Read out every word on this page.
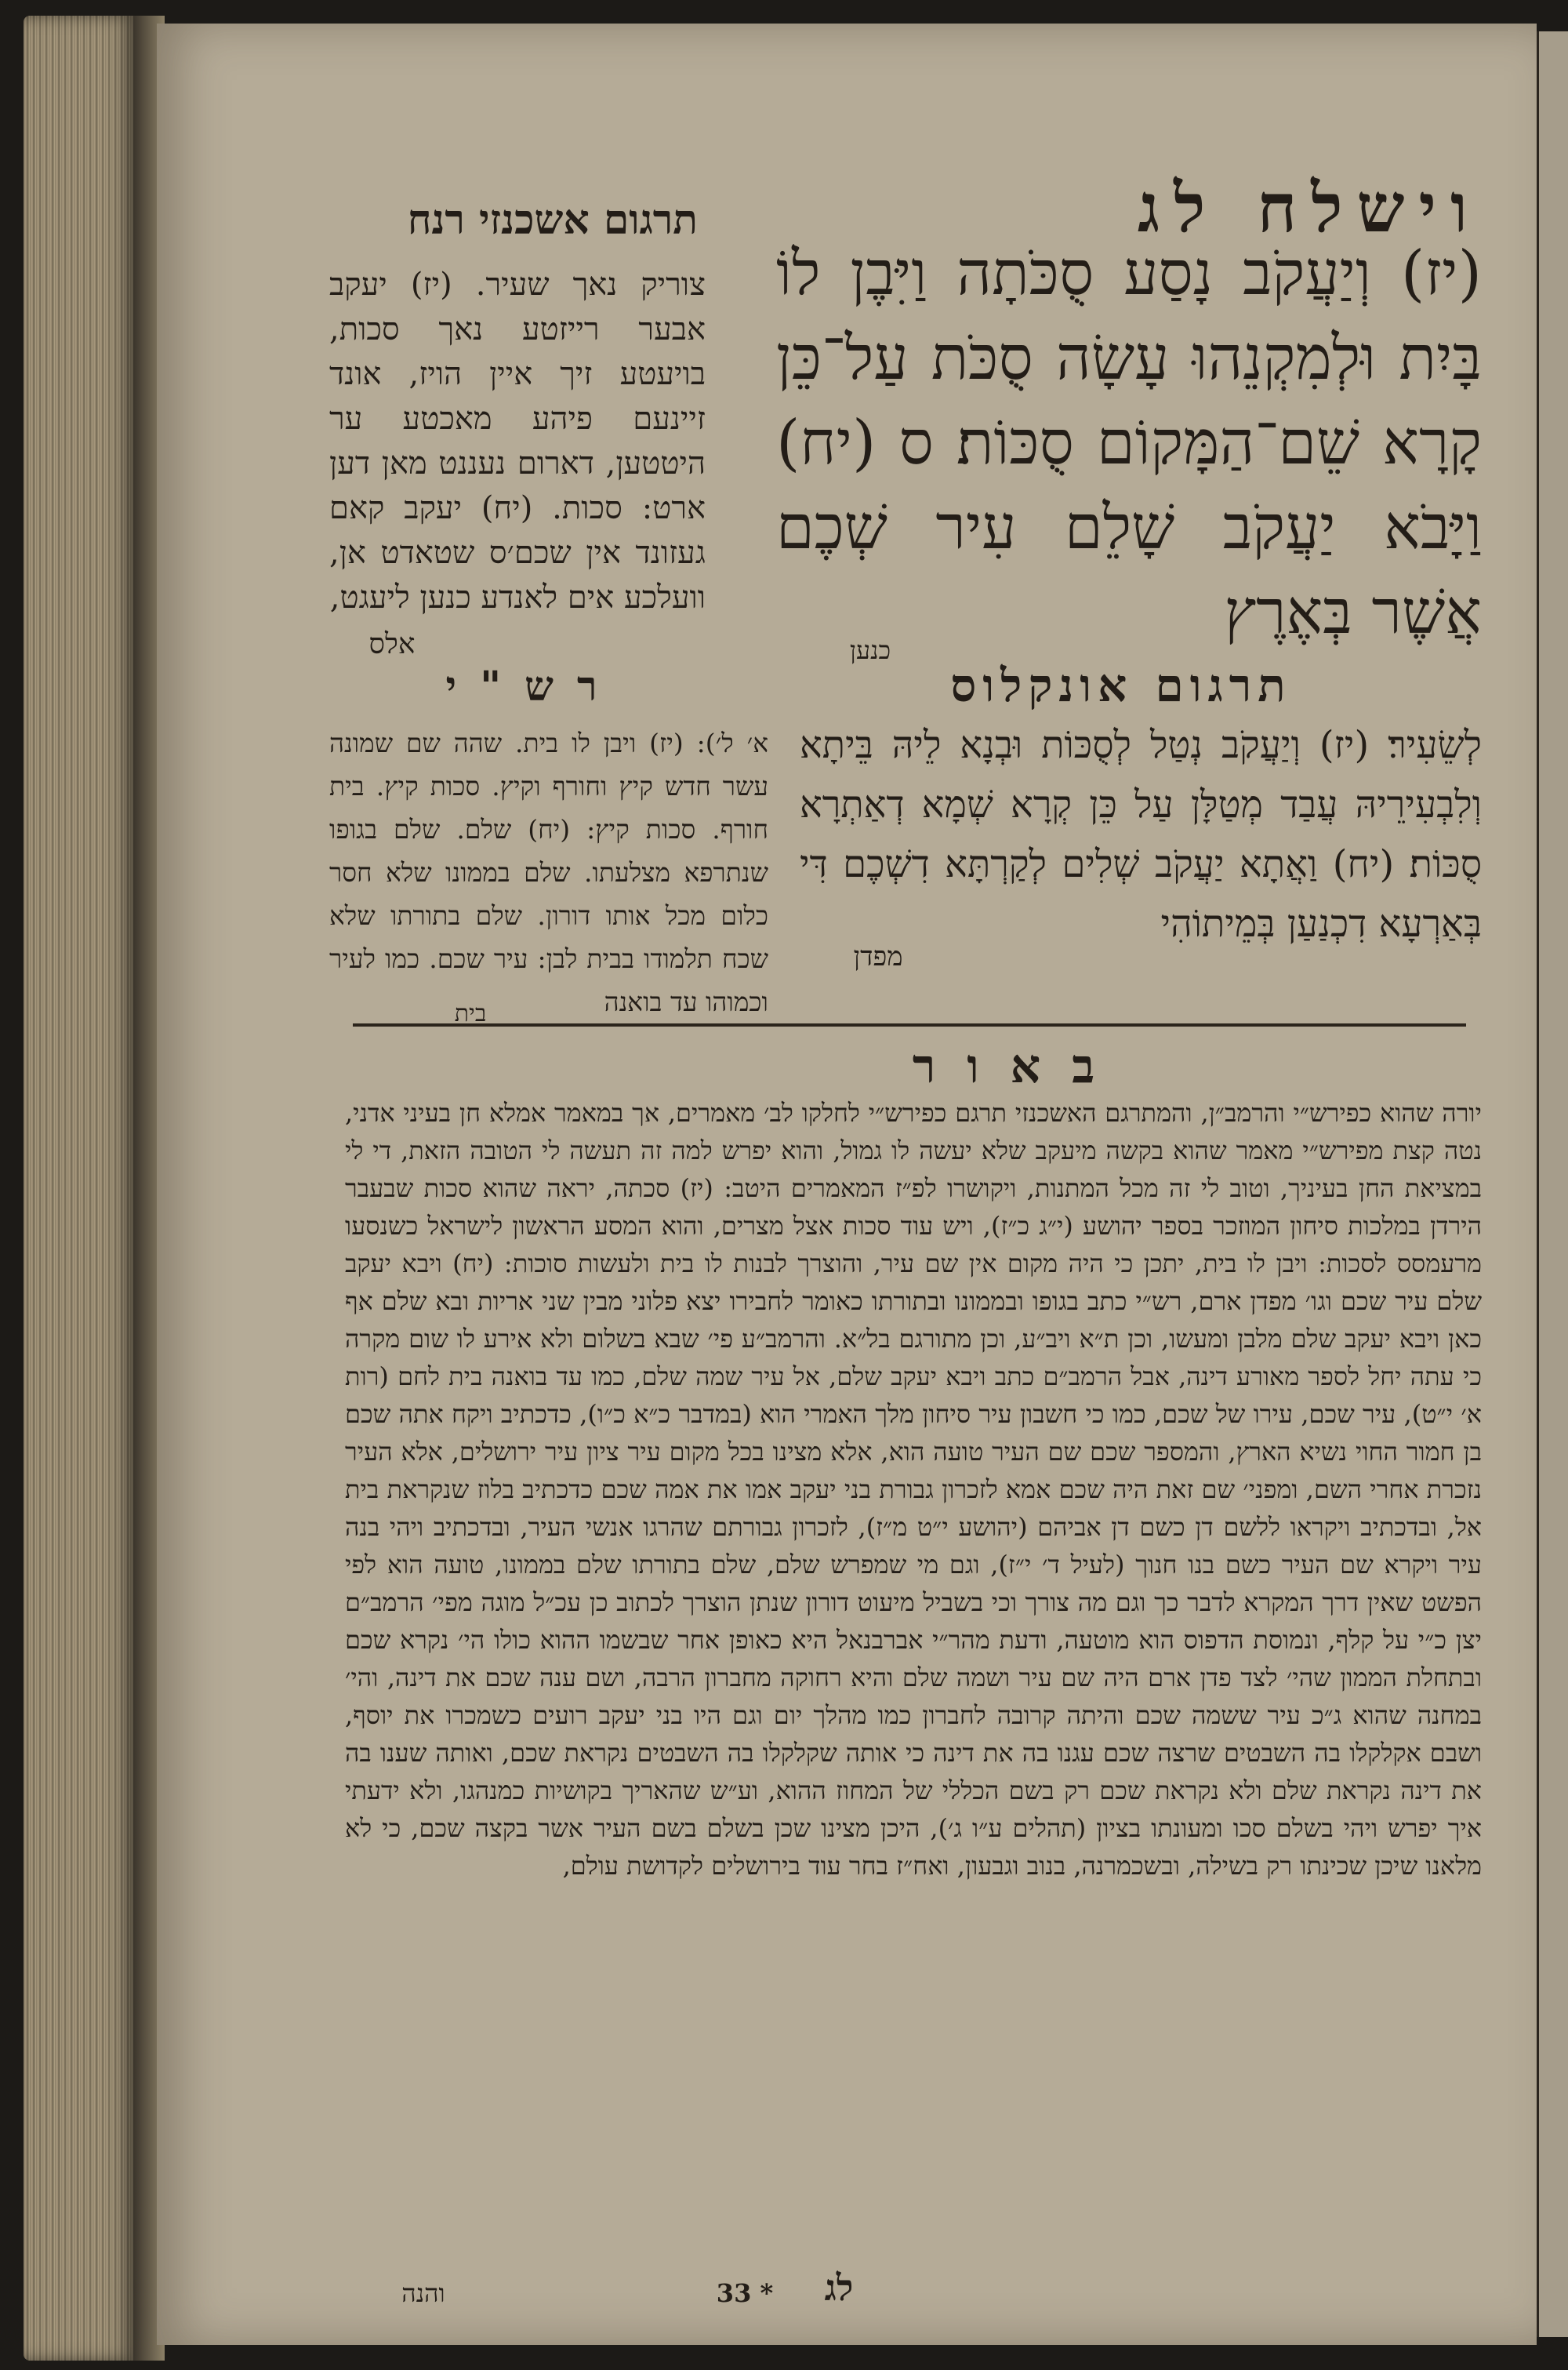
וישלח לג
תרגום אשכנזי רנח
(יז) וְיַעֲקֹב נָסַע סֻכֹּתָה וַיִּבֶן לוֹ בָּיִת וּלְמִקְנֵהוּ עָשָׂה סֻכֹּת עַל־כֵּן קָרָא שֵׁם־הַמָּקוֹם סֻכּוֹת׃ ס (יח) וַיָּבֹא יַעֲקֹב שָׁלֵם עִיר שְׁכֶם אֲשֶׁר בְּאֶרֶץ
כנען
צוריק נאך שעיר. (יז) יעקב אבער רייזטע נאך סכות, בויעטע זיך איין הויז, אונד זיינעם פיהע מאכטע ער היטטען, דארום נעננט מאן דען ארט: סכות. (יח) יעקב קאם געזונד אין שכם׳ס שטאדט אן, וועלכע אים לאנדע כנען ליעגט,
אלס
תרגום אונקלוס
לְשֵׂעִיר׃ (יז) וְיַעֲקֹב נְטַל לְסֻכּוֹת וּבְנָא לֵיהּ בֵּיתָא וְלִבְעִירֵיהּ עֲבַד מְטַלָּן עַל כֵּן קְרָא שְׁמָא דְאַתְרָא סֻכּוֹת׃ (יח) וַאֲתָא יַעֲקֹב שְׁלִים לְקַרְתָּא דִשְׁכֶם דִּי בְּאַרְעָא דִכְנַעַן בְּמֵיתוֹהִי
מפדן
רש"י
א׳ ל׳): (יז) ויבן לו בית. שהה שם שמונה עשר חדש קיץ וחורף וקיץ. סכות קיץ. בית חורף. סכות קיץ: (יח) שלם. שלם בגופו שנתרפא מצלעתו. שלם בממונו שלא חסר כלום מכל אותו דורון. שלם בתורתו שלא שכח תלמודו בבית לבן: עיר שכם. כמו לעיר וכמוהו עד בואנה
בית
באור
יורה שהוא כפירש״י והרמב״ן, והמתרגם האשכנזי תרגם כפירש״י לחלקו לב׳ מאמרים, אך במאמר אמלא חן בעיני אדני, נטה קצת מפירש״י מאמר שהוא בקשה מיעקב שלא יעשה לו גמול, והוא יפרש למה זה תעשה לי הטובה הזאת, די לי במציאת החן בעיניך, וטוב לי זה מכל המתנות, ויקושרו לפ״ז המאמרים היטב: (יז) סכתה, יראה שהוא סכות שבעבר הירדן במלכות סיחון המוזכר בספר יהושע (י״ג כ״ז), ויש עוד סכות אצל מצרים, והוא המסע הראשון לישראל כשנסעו מרעמסס לסכות: ויבן לו בית, יתכן כי היה מקום אין שם עיר, והוצרך לבנות לו בית ולעשות סוכות: (יח) ויבא יעקב שלם עיר שכם וגו׳ מפדן ארם, רש״י כתב בגופו ובממונו ובתורתו כאומר לחבירו יצא פלוני מבין שני אריות ובא שלם אף כאן ויבא יעקב שלם מלבן ומעשו, וכן ת״א ויב״ע, וכן מתורגם בל״א. והרמב״ע פי׳ שבא בשלום ולא אירע לו שום מקרה כי עתה יחל לספר מאורע דינה, אבל הרמב״ם כתב ויבא יעקב שלם, אל עיר שמה שלם, כמו עד בואנה בית לחם (רות א׳ י״ט), עיר שכם, עירו של שכם, כמו כי חשבון עיר סיחון מלך האמרי הוא (במדבר כ״א כ״ו), כדכתיב ויקח אתה שכם בן חמור החוי נשיא הארץ, והמספר שכם שם העיר טועה הוא, אלא מצינו בכל מקום עיר ציון עיר ירושלים, אלא העיר נזכרת אחרי השם, ומפני׳ שם זאת היה שכם אמא לזכרון גבורת בני יעקב אמו את אמה שכם כדכתיב בלוז שנקראת בית אל, ובדכתיב ויקראו ללשם דן כשם דן אביהם (יהושע י״ט מ״ז), לזכרון גבורתם שהרגו אנשי העיר, ובדכתיב ויהי בנה עיר ויקרא שם העיר כשם בנו חנוך (לעיל ד׳ י״ז), וגם מי שמפרש שלם, שלם בתורתו שלם בממונו, טועה הוא לפי הפשט שאין דרך המקרא לדבר כך וגם מה צורך וכי בשביל מיעוט דורון שנתן הוצרך לכתוב כן עכ״ל מוגה מפי׳ הרמב״ם יצן כ״י על קלף, ונמוסת הדפוס הוא מוטעה, ודעת מהר״י אברבנאל היא כאופן אחר שבשמו ההוא כולו הי׳ נקרא שכם ובתחלת הממון שהי׳ לצד פדן ארם היה שם עיר ושמה שלם והיא רחוקה מחברון הרבה, ושם ענה שכם את דינה, והי׳ במחנה שהוא ג״כ עיר ששמה שכם והיתה קרובה לחברון כמו מהלך יום וגם היו בני יעקב רועים כשמכרו את יוסף, ושבם אקלקלו בה השבטים שרצה שכם עגנו בה את דינה כי אותה שקלקלו בה השבטים נקראת שכם, ואותה שענו בה את דינה נקראת שלם ולא נקראת שכם רק בשם הכללי של המחוז ההוא, וע״ש שהאריך בקושיות כמנהגו, ולא ידעתי איך יפרש ויהי בשלם סכו ומעונתו בציון (תהלים ע״ו ג׳), היכן מצינו שכן בשלם בשם העיר אשר בקצה שכם, כי לא מלאנו שיכן שכינתו רק בשילה, ובשכמרנה, בנוב וגבעון, ואח״ז בחר עוד בירושלים לקדושת עולם,
והנה	33 *	לג
